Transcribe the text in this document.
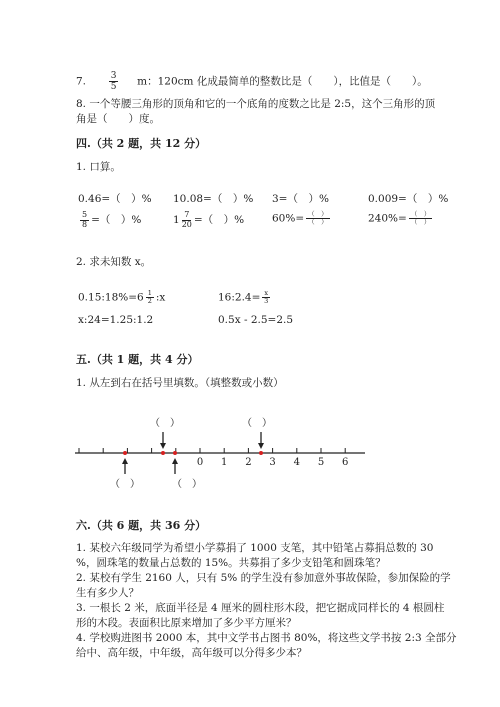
7.	$\frac{3}{5}$ m：120cm 化成最简单的整数比是（　　），比值是（　　）。
8. 一个等腰三角形的顶角和它的一个底角的度数之比是 2:5，这个三角形的顶
角是（　　）度。
四.（共 2 题，共 12 分）
1. 口算。
0.46=（　）% 10.08=（　）% 3=（　）%	0.009=（　）%
$\frac{5}{8}$ =（　）%	$1 \frac{7}{20}$ =（　）%	$60\%= \frac{( )}{( )}$	$240\%= \frac{( )}{( )}$
2. 求未知数 x。
0.15:18%=6 $\frac{1}{2}$ :x	16:2.4= $\frac{x}{3}$
x:24=1.25:1.2	0.5x - 2.5=2.5
五.（共 1 题，共 4 分）
1. 从左到右在括号里填数。（填整数或小数）
0 1 2 3 4 5 6
（　）	（　）
（　）	（　）
六.（共 6 题，共 36 分）
1. 某校六年级同学为希望小学募捐了 1000 支笔，其中铅笔占募捐总数的 30
%，圆珠笔的数量占总数的 15%。共募捐了多少支铅笔和圆珠笔？
2. 某校有学生 2160 人，只有 5% 的学生没有参加意外事故保险，参加保险的学
生有多少人？
3. 一根长 2 米，底面半径是 4 厘米的圆柱形木段，把它据成同样长的 4 根圆柱
形的木段。表面积比原来增加了多少平方厘米？
4. 学校购进图书 2000 本，其中文学书占图书 80%，将这些文学书按 2:3 全部分
给中、高年级，中年级，高年级可以分得多少本？
